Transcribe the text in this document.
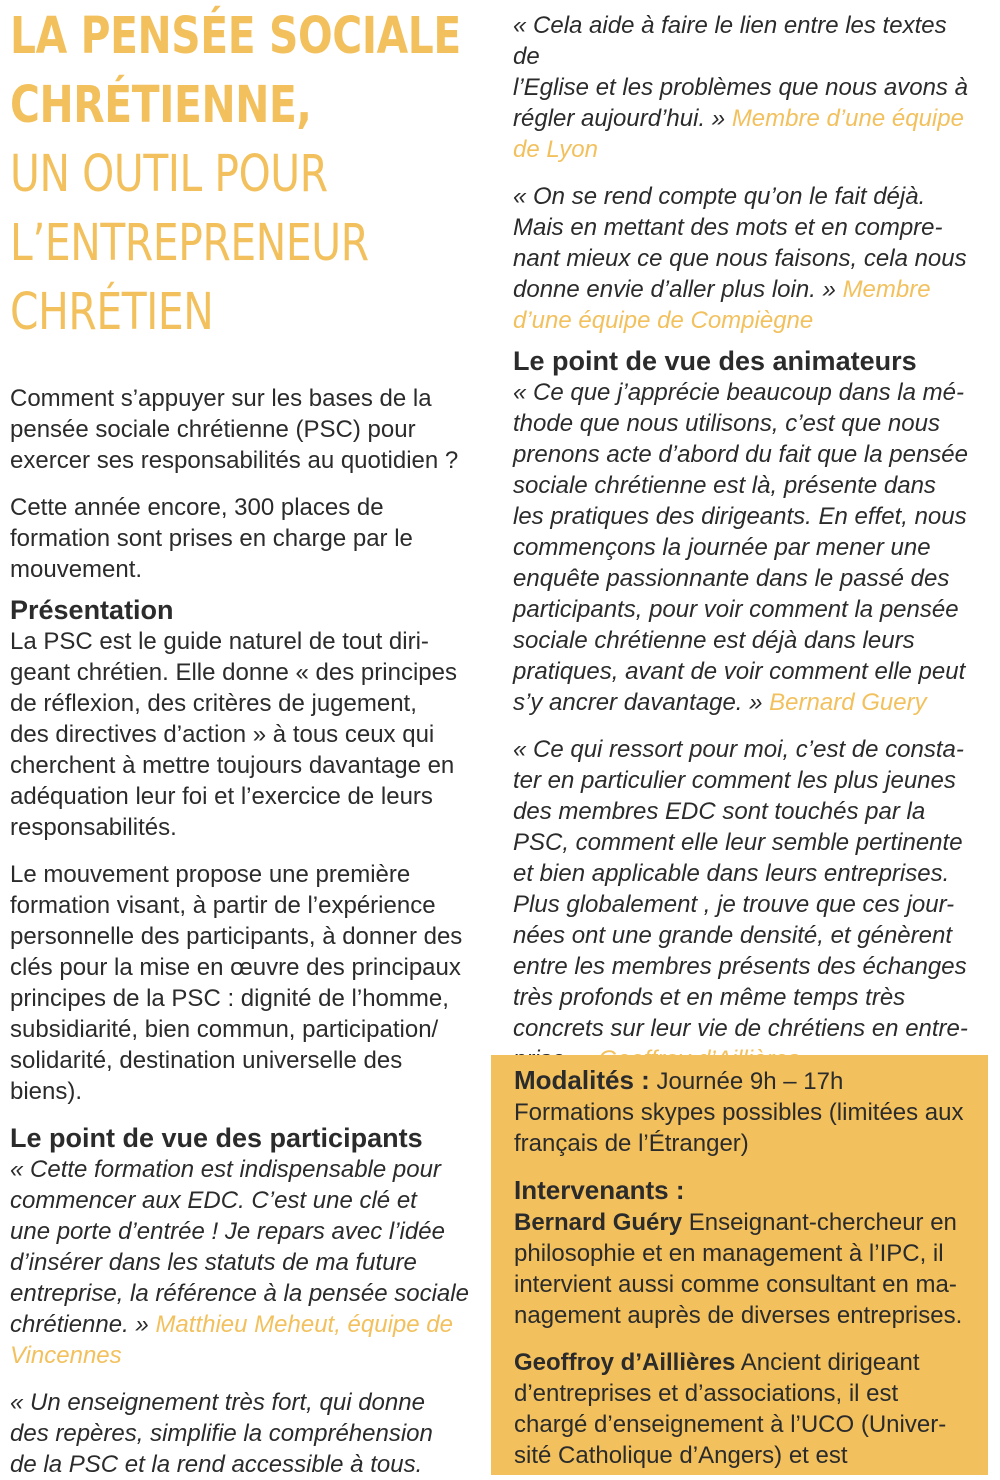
LA PENSÉE SOCIALE
CHRÉTIENNE,
UN OUTIL POUR
L’ENTREPRENEUR
CHRÉTIEN

Comment s’appuyer sur les bases de la
pensée sociale chrétienne (PSC) pour
exercer ses responsabilités au quotidien ?

Cette année encore, 300 places de
formation sont prises en charge par le
mouvement.

Présentation

La PSC est le guide naturel de tout diri-
geant chrétien. Elle donne « des principes
de réflexion, des critères de jugement,
des directives d’action » à tous ceux qui
cherchent à mettre toujours davantage en
adéquation leur foi et l’exercice de leurs
responsabilités.

Le mouvement propose une première
formation visant, à partir de l’expérience
personnelle des participants, à donner des
clés pour la mise en œuvre des principaux
principes de la PSC : dignité de l’homme,
subsidiarité, bien commun, participation/
solidarité, destination universelle des
biens).

Le point de vue des participants

« Cette formation est indispensable pour
commencer aux EDC. C’est une clé et
une porte d’entrée ! Je repars avec l’idée
d’insérer dans les statuts de ma future
entreprise, la référence à la pensée sociale
chrétienne. » Matthieu Meheut, équipe de
Vincennes

« Un enseignement très fort, qui donne
des repères, simplifie la compréhension
de la PSC et la rend accessible à tous.

« Cela aide à faire le lien entre les textes de
l’Eglise et les problèmes que nous avons à
régler aujourd’hui. » Membre d’une équipe
de Lyon

« On se rend compte qu’on le fait déjà.
Mais en mettant des mots et en compre-
nant mieux ce que nous faisons, cela nous
donne envie d’aller plus loin. » Membre
d’une équipe de Compiègne

Le point de vue des animateurs

« Ce que j’apprécie beaucoup dans la mé-
thode que nous utilisons, c’est que nous
prenons acte d’abord du fait que la pensée
sociale chrétienne est là, présente dans
les pratiques des dirigeants. En effet, nous
commençons la journée par mener une
enquête passionnante dans le passé des
participants, pour voir comment la pensée
sociale chrétienne est déjà dans leurs
pratiques, avant de voir comment elle peut
s’y ancrer davantage. » Bernard Guery

« Ce qui ressort pour moi, c’est de consta-
ter en particulier comment les plus jeunes
des membres EDC sont touchés par la
PSC, comment elle leur semble pertinente
et bien applicable dans leurs entreprises.
Plus globalement , je trouve que ces jour-
nées ont une grande densité, et génèrent
entre les membres présents des échanges
très profonds et en même temps très
concrets sur leur vie de chrétiens en entre-

Modalités : Journée 9h – 17h
Formations skypes possibles (limitées aux
français de l’Étranger)

Intervenants :
Bernard Guéry Enseignant-chercheur en
philosophie et en management à l’IPC, il
intervient aussi comme consultant en ma-
nagement auprès de diverses entreprises.

Geoffroy d’Aillières Ancient dirigeant
d’entreprises et d’associations, il est
chargé d’enseignement à l’UCO (Univer-
sité Catholique d’Angers) et est
